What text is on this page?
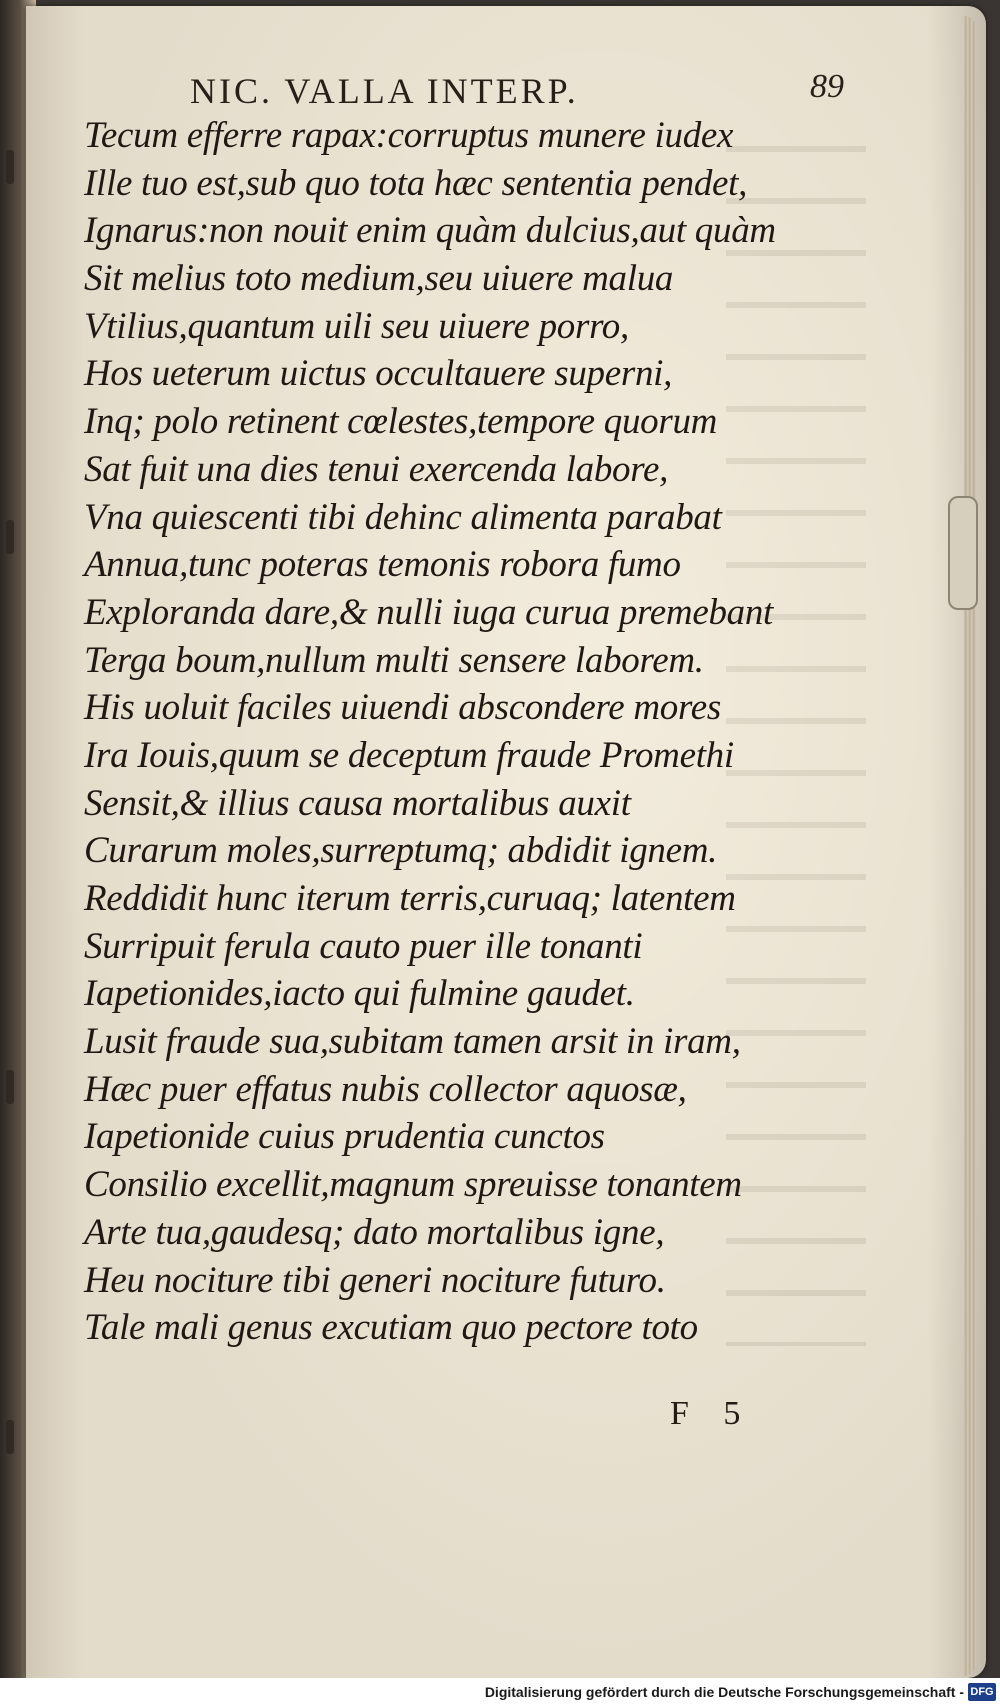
NIC. VALLA INTERP.	89
Tecum efferre rapax:corruptus munere iudex
Ille tuo est,sub quo tota hæc sententia pendet,
Ignarus:non nouit enim quàm dulcius,aut quàm
Sit melius toto medium,seu uiuere malua
Vtilius,quantum uili seu uiuere porro,
Hos ueterum uictus occultauere superni,
Inq; polo retinent cœlestes,tempore quorum
Sat fuit una dies tenui exercenda labore,
Vna quiescenti tibi dehinc alimenta parabat
Annua,tunc poteras temonis robora fumo
Exploranda dare,& nulli iuga curua premebant
Terga boum,nullum multi sensere laborem.
His uoluit faciles uiuendi abscondere mores
Ira Iouis,quum se deceptum fraude Promethi
Sensit,& illius causa mortalibus auxit
Curarum moles,surreptumq; abdidit ignem.
Reddidit hunc iterum terris,curuaq; latentem
Surripuit ferula cauto puer ille tonanti
Iapetionides,iacto qui fulmine gaudet.
Lusit fraude sua,subitam tamen arsit in iram,
Hæc puer effatus nubis collector aquosæ,
Iapetionide cuius prudentia cunctos
Consilio excellit,magnum spreuisse tonantem
Arte tua,gaudesq; dato mortalibus igne,
Heu nociture tibi generi nociture futuro.
Tale mali genus excutiam quo pectore toto
F 5
Digitalisierung gefördert durch die Deutsche Forschungsgemeinschaft - DFG
